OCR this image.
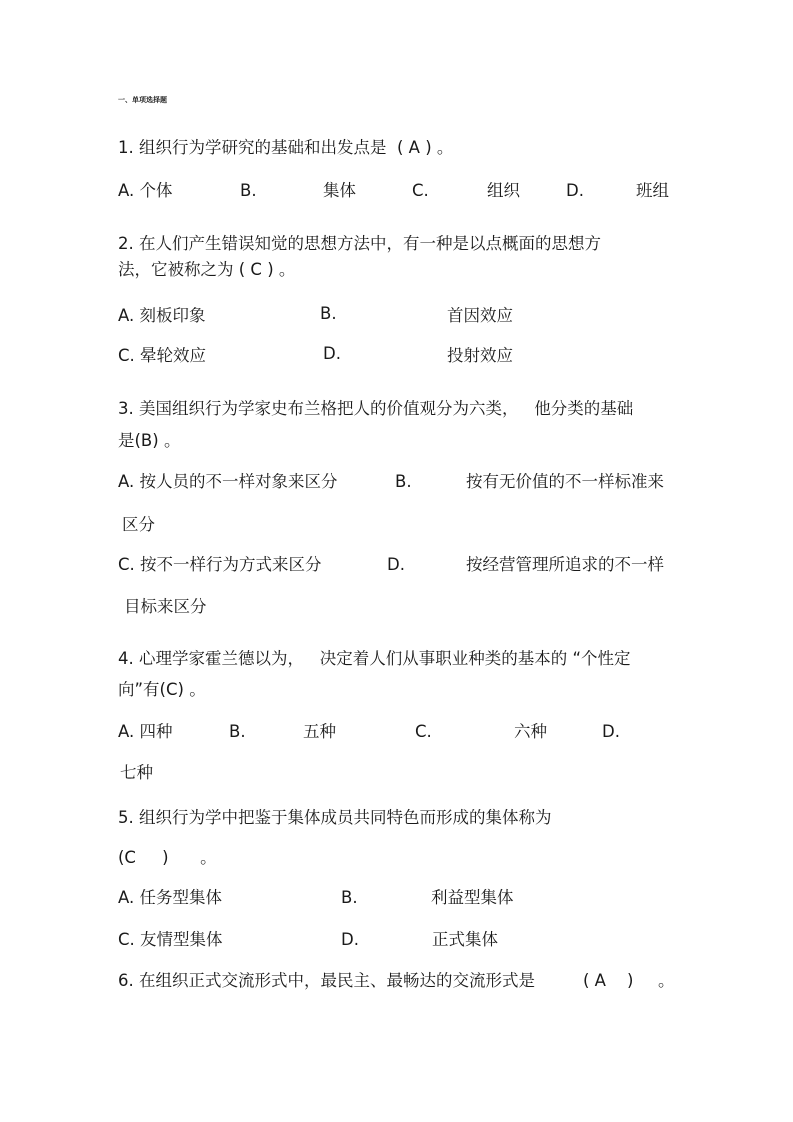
一、单项选择题
1. 组织行为学研究的基础和出发点是  ( A ) 。
A. 个体	B.	集体	C.	组织	D.	班组
2. 在人们产生错误知觉的思想方法中，有一种是以点概面的思想方
法，它被称之为 ( C ) 。
A. 刻板印象	B.	首因效应
C. 晕轮效应	D.	投射效应
3. 美国组织行为学家史布兰格把人的价值观分为六类，   他分类的基础
是(B) 。
A. 按人员的不一样对象来区分	B.	按有无价值的不一样标准来
区分
C. 按不一样行为方式来区分	D.	按经营管理所追求的不一样
目标来区分
4. 心理学家霍兰德以为，   决定着人们从事职业种类的基本的 “个性定
向”有(C) 。
A. 四种	B.	五种	C.	六种	D.
七种
5. 组织行为学中把鉴于集体成员共同特色而形成的集体称为
(C     )      。
A. 任务型集体	B.	利益型集体
C. 友情型集体	D.	正式集体
6. 在组织正式交流形式中，最民主、最畅达的交流形式是	( A    ) 。
